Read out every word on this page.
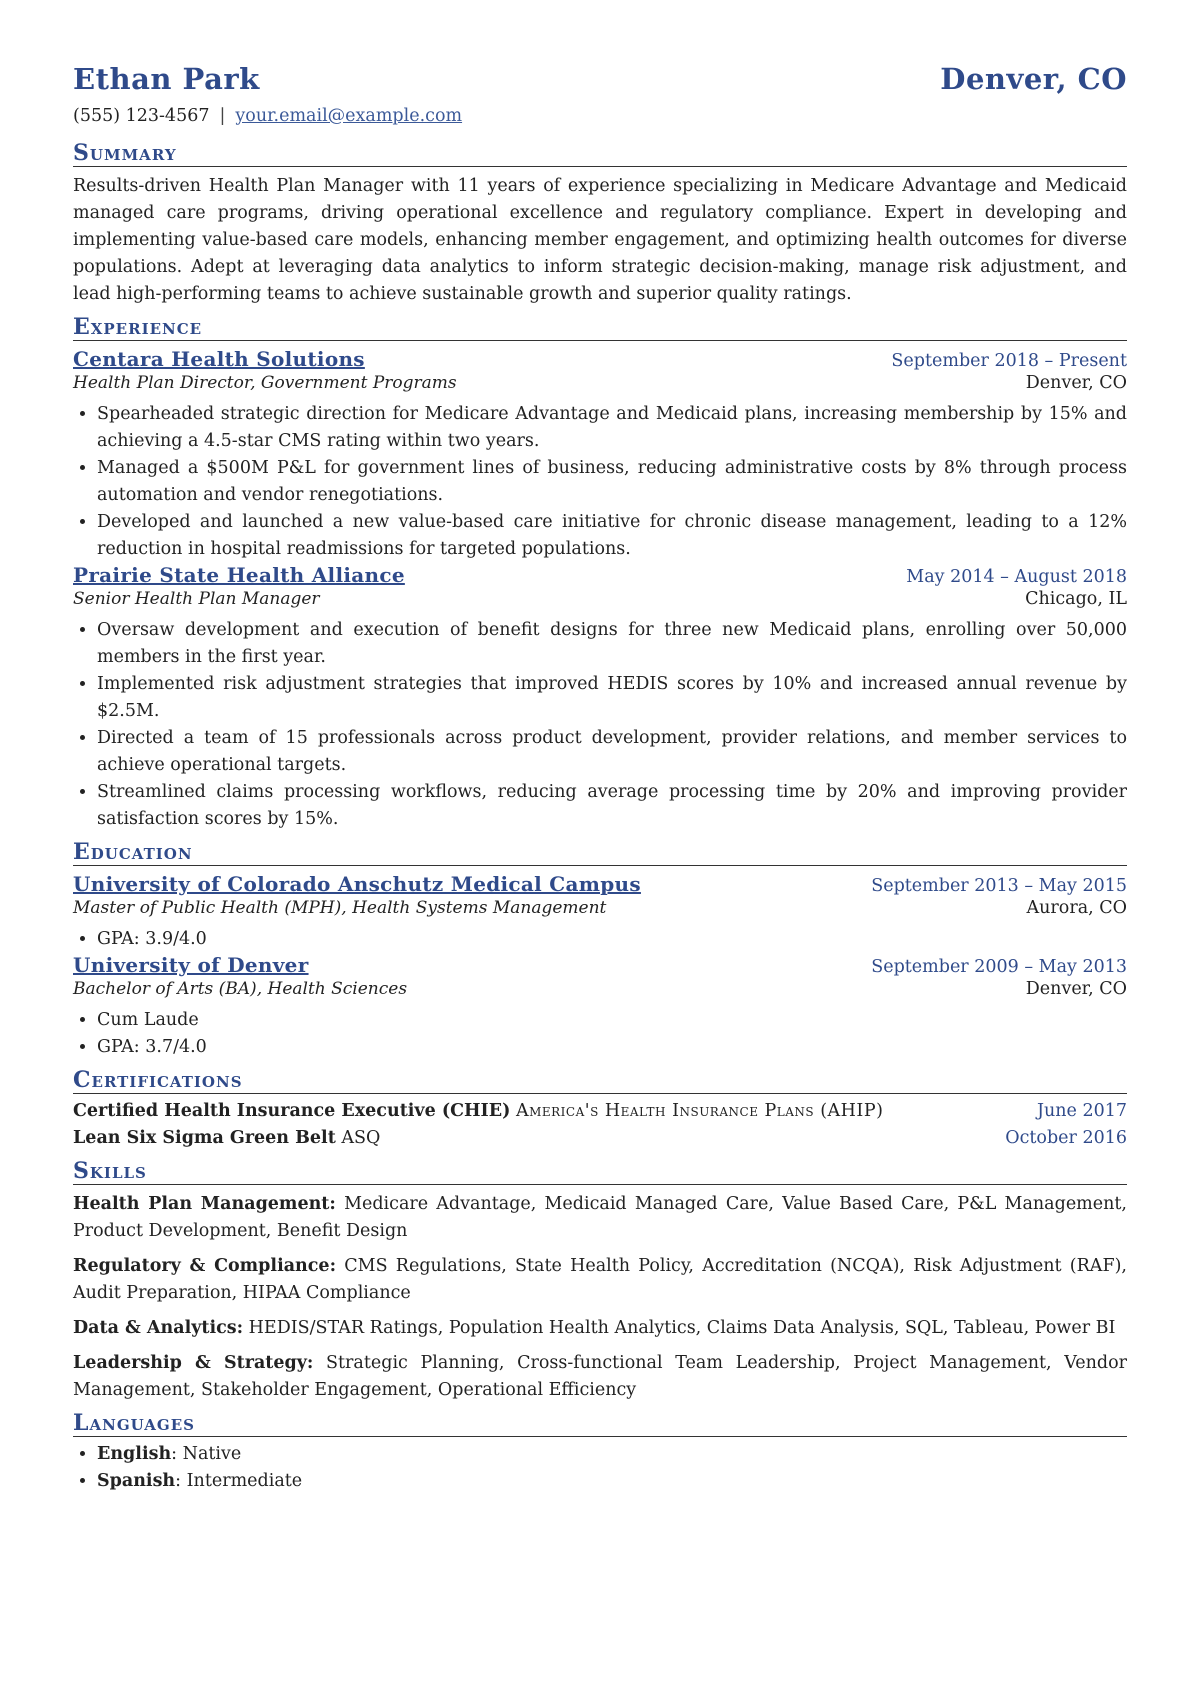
Ethan Park	Denver, CO
(555) 123-4567 | your.email@example.com
Summary
Results-driven Health Plan Manager with 11 years of experience specializing in Medicare Advantage and Medicaid managed care programs, driving operational excellence and regulatory compliance. Expert in developing and implementing value-based care models, enhancing member engagement, and optimizing health outcomes for diverse populations. Adept at leveraging data analytics to inform strategic decision-making, manage risk adjustment, and lead high-performing teams to achieve sustainable growth and superior quality ratings.
Experience
Centara Health Solutions	September 2018 – Present
Health Plan Director, Government Programs	Denver, CO
• Spearheaded strategic direction for Medicare Advantage and Medicaid plans, increasing membership by 15% and achieving a 4.5-star CMS rating within two years.
• Managed a $500M P&L for government lines of business, reducing administrative costs by 8% through process automation and vendor renegotiations.
• Developed and launched a new value-based care initiative for chronic disease management, leading to a 12% reduction in hospital readmissions for targeted populations.
Prairie State Health Alliance	May 2014 – August 2018
Senior Health Plan Manager	Chicago, IL
• Oversaw development and execution of benefit designs for three new Medicaid plans, enrolling over 50,000 members in the first year.
• Implemented risk adjustment strategies that improved HEDIS scores by 10% and increased annual revenue by $2.5M.
• Directed a team of 15 professionals across product development, provider relations, and member services to achieve operational targets.
• Streamlined claims processing workflows, reducing average processing time by 20% and improving provider satisfaction scores by 15%.
Education
University of Colorado Anschutz Medical Campus	September 2013 – May 2015
Master of Public Health (MPH), Health Systems Management	Aurora, CO
• GPA: 3.9/4.0
University of Denver	September 2009 – May 2013
Bachelor of Arts (BA), Health Sciences	Denver, CO
• Cum Laude
• GPA: 3.7/4.0
Certifications
Certified Health Insurance Executive (CHIE) America's Health Insurance Plans (AHIP)	June 2017
Lean Six Sigma Green Belt ASQ	October 2016
Skills
Health Plan Management: Medicare Advantage, Medicaid Managed Care, Value Based Care, P&L Management, Product Development, Benefit Design
Regulatory & Compliance: CMS Regulations, State Health Policy, Accreditation (NCQA), Risk Adjustment (RAF), Audit Preparation, HIPAA Compliance
Data & Analytics: HEDIS/STAR Ratings, Population Health Analytics, Claims Data Analysis, SQL, Tableau, Power BI
Leadership & Strategy: Strategic Planning, Cross-functional Team Leadership, Project Management, Vendor Management, Stakeholder Engagement, Operational Efficiency
Languages
• English: Native
• Spanish: Intermediate
